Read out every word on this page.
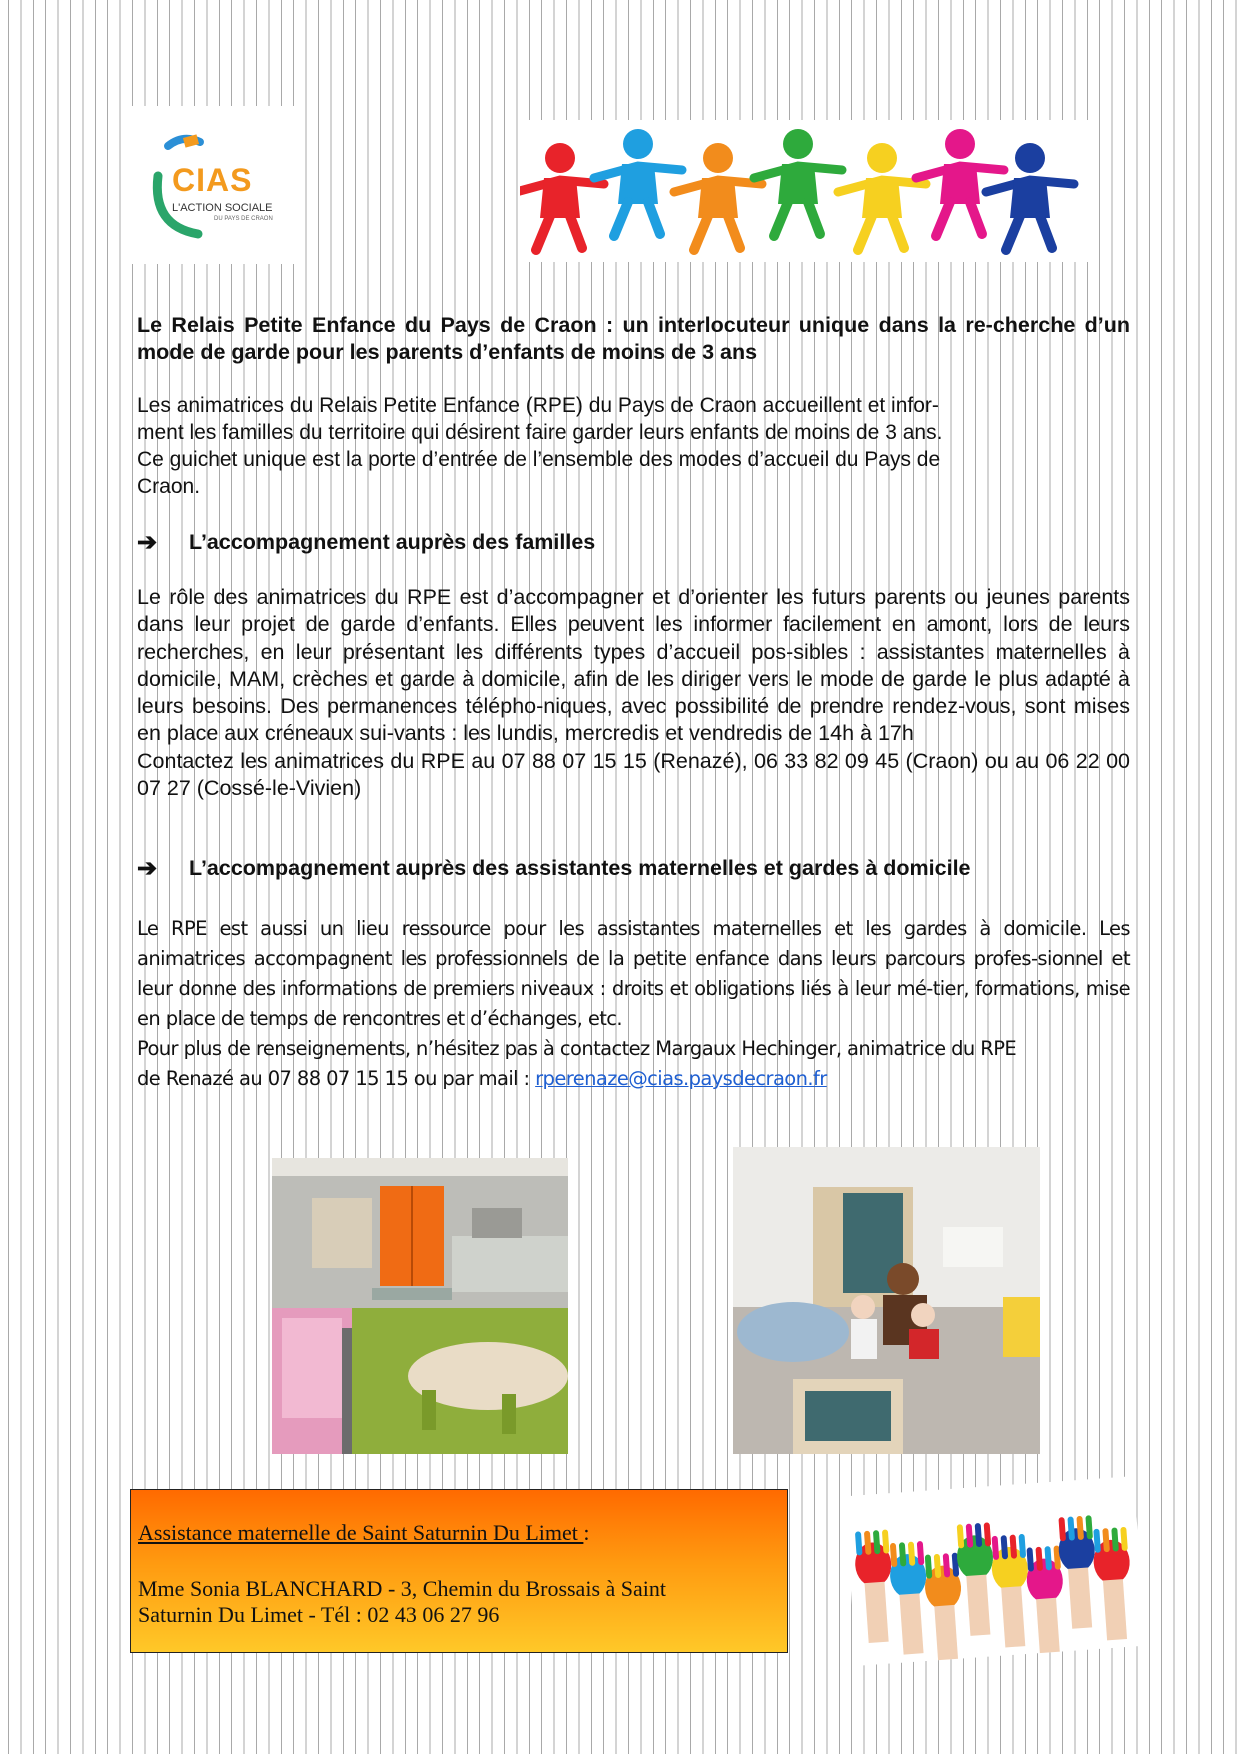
CIAS
L'ACTION SOCIALE
DU PAYS DE CRAON
Le Relais Petite Enfance du Pays de Craon : un interlocuteur unique dans la re-cherche d’un mode de garde pour les parents d’enfants de moins de 3 ans
Les animatrices du Relais Petite Enfance (RPE) du Pays de Craon accueillent et infor-
ment les familles du territoire qui désirent faire garder leurs enfants de moins de 3 ans.
Ce guichet unique est la porte d’entrée de l’ensemble des modes d’accueil du Pays de
Craon.
➔	L’accompagnement auprès des familles
Le rôle des animatrices du RPE est d’accompagner et d’orienter les futurs parents ou jeunes parents dans leur projet de garde d’enfants. Elles peuvent les informer facilement en amont, lors de leurs recherches, en leur présentant les différents types d’accueil pos-sibles : assistantes maternelles à domicile, MAM, crèches et garde à domicile, afin de les diriger vers le mode de garde le plus adapté à leurs besoins. Des permanences télépho-niques, avec possibilité de prendre rendez-vous, sont mises en place aux créneaux sui-vants : les lundis, mercredis et vendredis de 14h à 17h
Contactez les animatrices du RPE au 07 88 07 15 15 (Renazé), 06 33 82 09 45 (Craon) ou au 06 22 00 07 27 (Cossé-le-Vivien)
➔	L’accompagnement auprès des assistantes maternelles et gardes à domicile
Le RPE est aussi un lieu ressource pour les assistantes maternelles et les gardes à domicile. Les animatrices accompagnent les professionnels de la petite enfance dans leurs parcours profes-sionnel et leur donne des informations de premiers niveaux : droits et obligations liés à leur mé-tier, formations, mise en place de temps de rencontres et d’échanges, etc.
Pour plus de renseignements, n’hésitez pas à contactez Margaux Hechinger, animatrice du RPE
de Renazé au 07 88 07 15 15 ou par mail : rperenaze@cias.paysdecraon.fr
Assistance maternelle de Saint Saturnin Du Limet :
Mme Sonia BLANCHARD - 3, Chemin du Brossais à Saint
Saturnin Du Limet - Tél : 02 43 06 27 96
